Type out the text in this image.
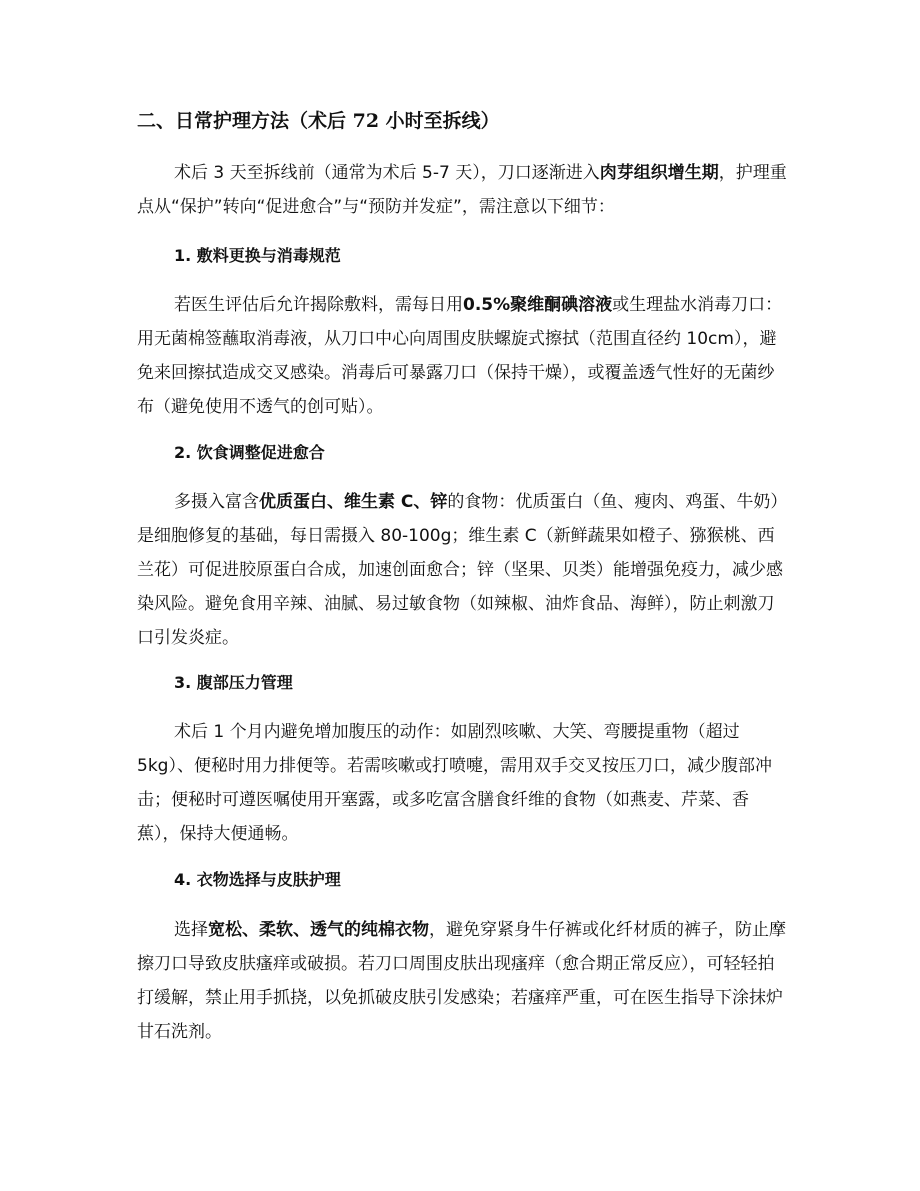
二、日常护理方法（术后 72 小时至拆线）
术后 3 天至拆线前（通常为术后 5-7 天），刀口逐渐进入肉芽组织增生期，护理重点从“保护”转向“促进愈合”与“预防并发症”，需注意以下细节：
1. 敷料更换与消毒规范
若医生评估后允许揭除敷料，需每日用0.5%聚维酮碘溶液或生理盐水消毒刀口：用无菌棉签蘸取消毒液，从刀口中心向周围皮肤螺旋式擦拭（范围直径约 10cm），避免来回擦拭造成交叉感染。消毒后可暴露刀口（保持干燥），或覆盖透气性好的无菌纱布（避免使用不透气的创可贴）。
2. 饮食调整促进愈合
多摄入富含优质蛋白、维生素 C、锌的食物：优质蛋白（鱼、瘦肉、鸡蛋、牛奶）是细胞修复的基础，每日需摄入 80-100g；维生素 C（新鲜蔬果如橙子、猕猴桃、西兰花）可促进胶原蛋白合成，加速创面愈合；锌（坚果、贝类）能增强免疫力，减少感染风险。避免食用辛辣、油腻、易过敏食物（如辣椒、油炸食品、海鲜），防止刺激刀口引发炎症。
3. 腹部压力管理
术后 1 个月内避免增加腹压的动作：如剧烈咳嗽、大笑、弯腰提重物（超过 5kg）、便秘时用力排便等。若需咳嗽或打喷嚏，需用双手交叉按压刀口，减少腹部冲击；便秘时可遵医嘱使用开塞露，或多吃富含膳食纤维的食物（如燕麦、芹菜、香蕉），保持大便通畅。
4. 衣物选择与皮肤护理
选择宽松、柔软、透气的纯棉衣物，避免穿紧身牛仔裤或化纤材质的裤子，防止摩擦刀口导致皮肤瘙痒或破损。若刀口周围皮肤出现瘙痒（愈合期正常反应），可轻轻拍打缓解，禁止用手抓挠，以免抓破皮肤引发感染；若瘙痒严重，可在医生指导下涂抹炉甘石洗剂。
